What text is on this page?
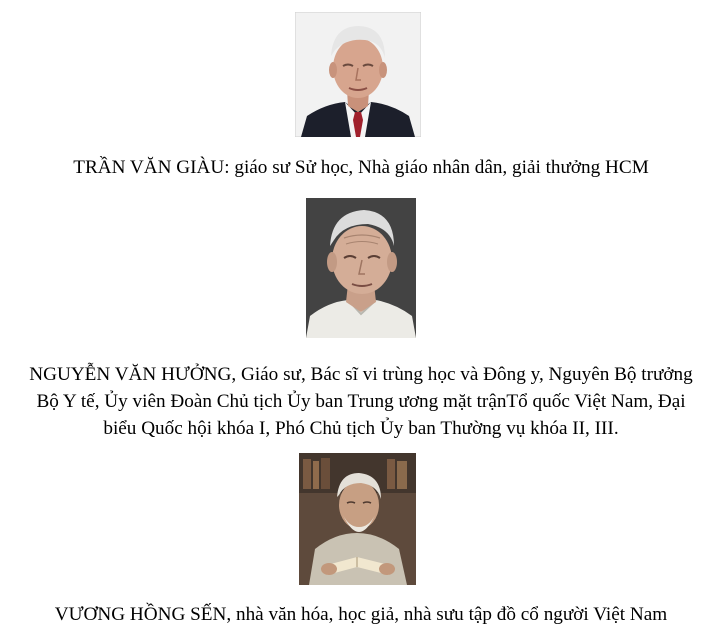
TRẦN VĂN GIÀU: giáo sư Sử học, Nhà giáo nhân dân, giải thưởng HCM
NGUYỄN VĂN HƯỞNG, Giáo sư, Bác sĩ vi trùng học và Đông y, Nguyên Bộ trưởng
Bộ Y tế, Ủy viên Đoàn Chủ tịch Ủy ban Trung ương mặt trậnTổ quốc Việt Nam, Đại
biểu Quốc hội khóa I, Phó Chủ tịch Ủy ban Thường vụ khóa II, III.
VƯƠNG HỒNG SẾN, nhà văn hóa, học giả, nhà sưu tập đồ cổ người Việt Nam
